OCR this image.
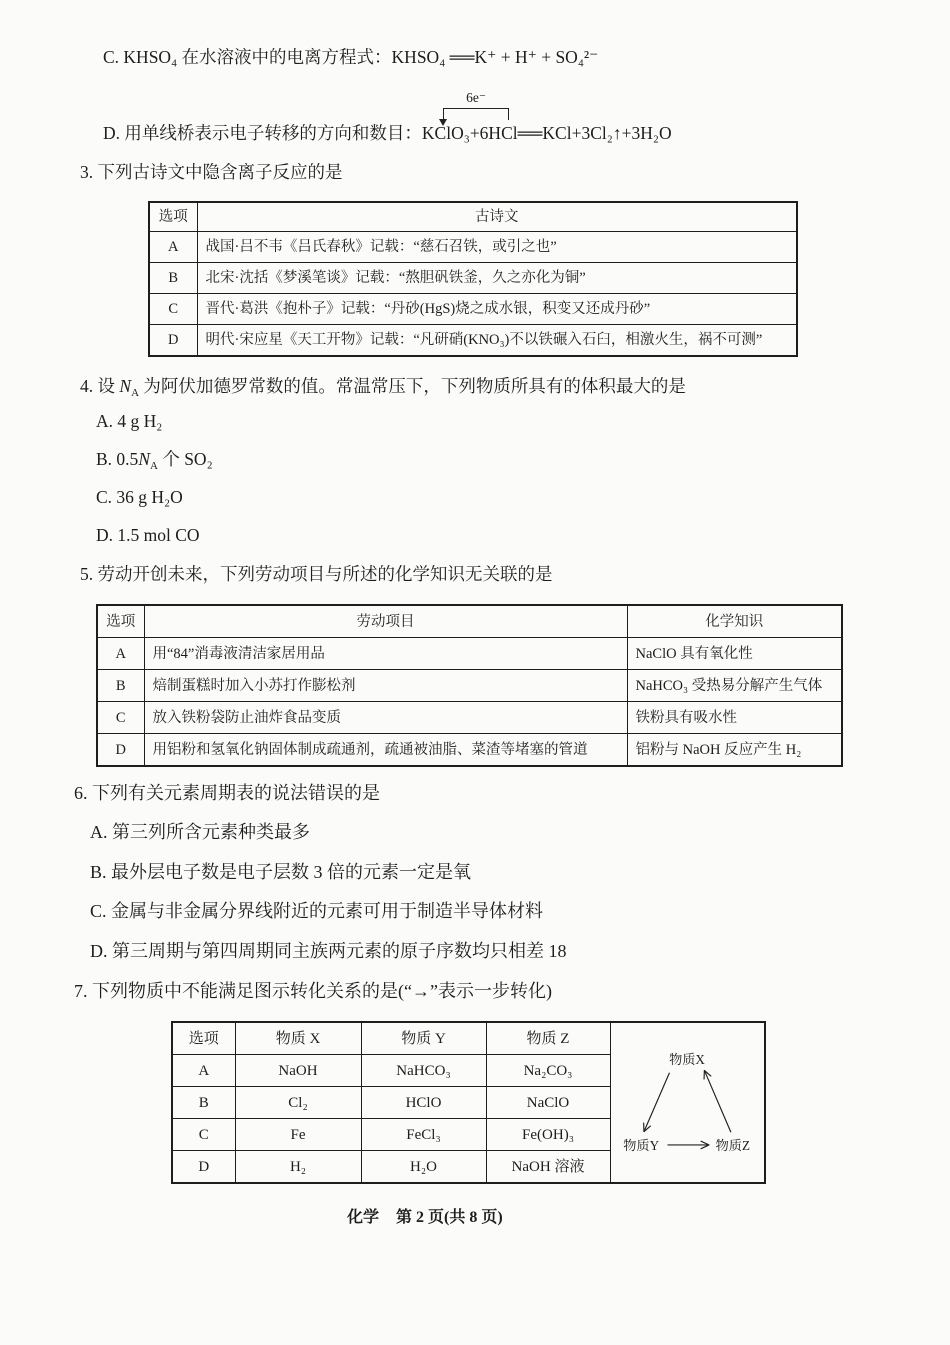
C. KHSO₄ 在水溶液中的电离方程式：KHSO₄ ══K⁺ + H⁺ + SO₄²⁻
6e⁻
D. 用单线桥表示电子转移的方向和数目：KClO₃+6HCl══KCl+3Cl₂↑+3H₂O
3. 下列古诗文中隐含离子反应的是
选项	古诗文
A	战国·吕不韦《吕氏春秋》记载：“慈石召铁，或引之也”
B	北宋·沈括《梦溪笔谈》记载：“熬胆矾铁釜，久之亦化为铜”
C	晋代·葛洪《抱朴子》记载：“丹砂(HgS)烧之成水银，积变又还成丹砂”
D	明代·宋应星《天工开物》记载：“凡研硝(KNO₃)不以铁碾入石臼，相激火生，祸不可测”
4. 设 $N_A$ 为阿伏加德罗常数的值。常温常压下，下列物质所具有的体积最大的是
A. 4 g H₂
B. $0.5N_A$ 个 SO₂
C. 36 g H₂O
D. 1.5 mol CO
5. 劳动开创未来，下列劳动项目与所述的化学知识无关联的是
选项	劳动项目	化学知识
A	用“84”消毒液清洁家居用品	NaClO 具有氧化性
B	焙制蛋糕时加入小苏打作膨松剂	NaHCO₃ 受热易分解产生气体
C	放入铁粉袋防止油炸食品变质	铁粉具有吸水性
D	用铝粉和氢氧化钠固体制成疏通剂，疏通被油脂、菜渣等堵塞的管道	铝粉与 NaOH 反应产生 H₂
6. 下列有关元素周期表的说法错误的是
A. 第三列所含元素种类最多
B. 最外层电子数是电子层数 3 倍的元素一定是氧
C. 金属与非金属分界线附近的元素可用于制造半导体材料
D. 第三周期与第四周期同主族两元素的原子序数均只相差 18
7. 下列物质中不能满足图示转化关系的是(“→”表示一步转化)
选项	物质 X	物质 Y	物质 Z	物质X
物质Y 物质Z

A	NaOH	NaHCO₃	Na₂CO₃	
B	Cl₂	HClO	NaClO	
C	Fe	FeCl₃	Fe(OH)₃	
D	H₂	H₂O	NaOH 溶液	
化学 第 2 页(共 8 页)
